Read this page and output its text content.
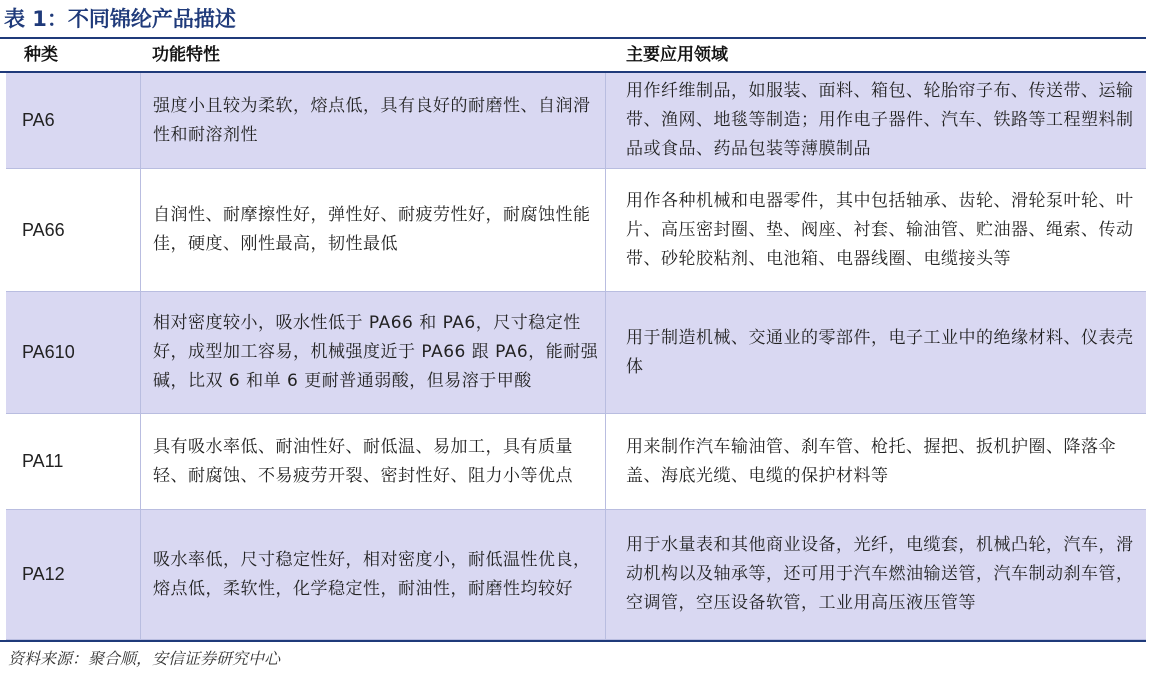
表 1：不同锦纶产品描述
种类	功能特性	主要应用领域
PA6
强度小且较为柔软，熔点低，具有良好的耐磨性、自润滑性和耐溶剂性
用作纤维制品，如服装、面料、箱包、轮胎帘子布、传送带、运输带、渔网、地毯等制造；用作电子器件、汽车、铁路等工程塑料制品或食品、药品包装等薄膜制品
PA66
自润性、耐摩擦性好，弹性好、耐疲劳性好，耐腐蚀性能佳，硬度、刚性最高，韧性最低
用作各种机械和电器零件，其中包括轴承、齿轮、滑轮泵叶轮、叶片、高压密封圈、垫、阀座、衬套、输油管、贮油器、绳索、传动带、砂轮胶粘剂、电池箱、电器线圈、电缆接头等
PA610
相对密度较小，吸水性低于 PA66 和 PA6，尺寸稳定性好，成型加工容易，机械强度近于 PA66 跟 PA6，能耐强碱，比双 6 和单 6 更耐普通弱酸，但易溶于甲酸
用于制造机械、交通业的零部件，电子工业中的绝缘材料、仪表壳体
PA11
具有吸水率低、耐油性好、耐低温、易加工，具有质量轻、耐腐蚀、不易疲劳开裂、密封性好、阻力小等优点
用来制作汽车输油管、刹车管、枪托、握把、扳机护圈、降落伞盖、海底光缆、电缆的保护材料等
PA12
吸水率低，尺寸稳定性好，相对密度小，耐低温性优良，熔点低，柔软性，化学稳定性，耐油性，耐磨性均较好
用于水量表和其他商业设备，光纤，电缆套，机械凸轮，汽车，滑动机构以及轴承等，还可用于汽车燃油输送管，汽车制动刹车管，空调管，空压设备软管，工业用高压液压管等
资料来源：聚合顺，安信证券研究中心
